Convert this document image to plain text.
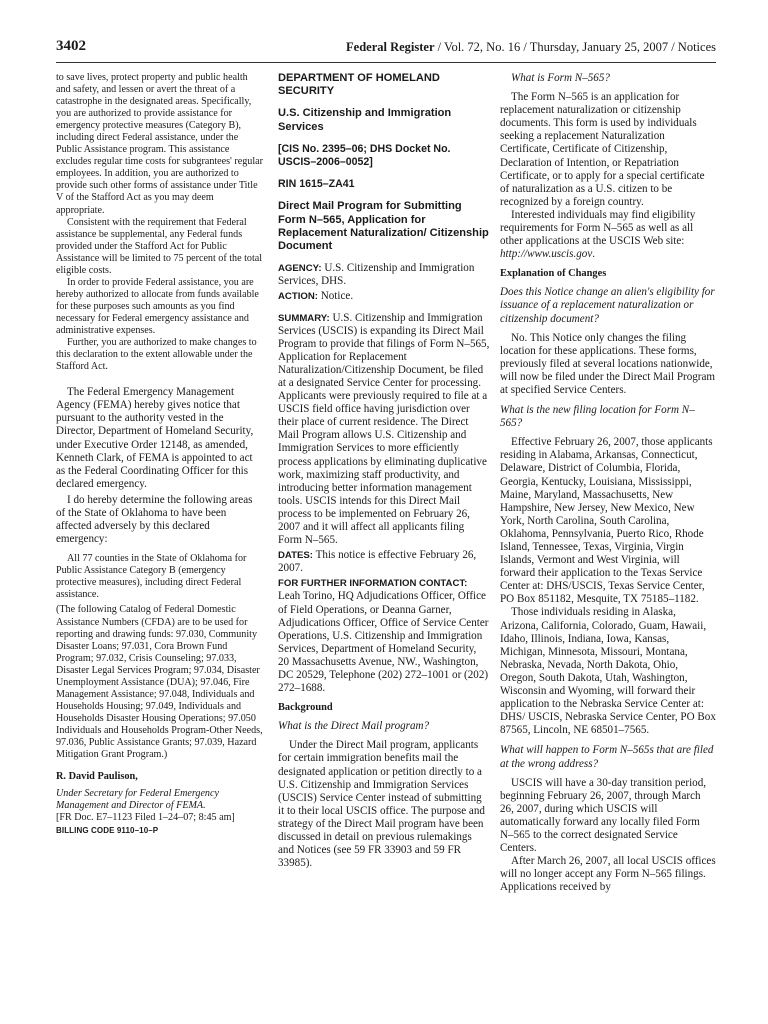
3402	Federal Register / Vol. 72, No. 16 / Thursday, January 25, 2007 / Notices

to save lives, protect property and public health and safety, and lessen or avert the threat of a catastrophe in the designated areas. Specifically, you are authorized to provide assistance for emergency protective measures (Category B), including direct Federal assistance, under the Public Assistance program. This assistance excludes regular time costs for subgrantees' regular employees. In addition, you are authorized to provide such other forms of assistance under Title V of the Stafford Act as you may deem appropriate.

Consistent with the requirement that Federal assistance be supplemental, any Federal funds provided under the Stafford Act for Public Assistance will be limited to 75 percent of the total eligible costs.

In order to provide Federal assistance, you are hereby authorized to allocate from funds available for these purposes such amounts as you find necessary for Federal emergency assistance and administrative expenses.

Further, you are authorized to make changes to this declaration to the extent allowable under the Stafford Act.

The Federal Emergency Management Agency (FEMA) hereby gives notice that pursuant to the authority vested in the Director, Department of Homeland Security, under Executive Order 12148, as amended, Kenneth Clark, of FEMA is appointed to act as the Federal Coordinating Officer for this declared emergency.

I do hereby determine the following areas of the State of Oklahoma to have been affected adversely by this declared emergency:

All 77 counties in the State of Oklahoma for Public Assistance Category B (emergency protective measures), including direct Federal assistance.

(The following Catalog of Federal Domestic Assistance Numbers (CFDA) are to be used for reporting and drawing funds: 97.030, Community Disaster Loans; 97.031, Cora Brown Fund Program; 97.032, Crisis Counseling; 97.033, Disaster Legal Services Program; 97.034, Disaster Unemployment Assistance (DUA); 97.046, Fire Management Assistance; 97.048, Individuals and Households Housing; 97.049, Individuals and Households Disaster Housing Operations; 97.050 Individuals and Households Program-Other Needs, 97.036, Public Assistance Grants; 97.039, Hazard Mitigation Grant Program.)

R. David Paulison,

Under Secretary for Federal Emergency Management and Director of FEMA.

[FR Doc. E7–1123 Filed 1–24–07; 8:45 am]

BILLING CODE 9110–10–P

DEPARTMENT OF HOMELAND SECURITY

U.S. Citizenship and Immigration Services

[CIS No. 2395–06; DHS Docket No. USCIS–2006–0052]

RIN 1615–ZA41

Direct Mail Program for Submitting Form N–565, Application for Replacement Naturalization/ Citizenship Document

AGENCY: U.S. Citizenship and Immigration Services, DHS.

ACTION: Notice.

SUMMARY: U.S. Citizenship and Immigration Services (USCIS) is expanding its Direct Mail Program to provide that filings of Form N–565, Application for Replacement Naturalization/Citizenship Document, be filed at a designated Service Center for processing. Applicants were previously required to file at a USCIS field office having jurisdiction over their place of current residence. The Direct Mail Program allows U.S. Citizenship and Immigration Services to more efficiently process applications by eliminating duplicative work, maximizing staff productivity, and introducing better information management tools. USCIS intends for this Direct Mail process to be implemented on February 26, 2007 and it will affect all applicants filing Form N–565.

DATES: This notice is effective February 26, 2007.

FOR FURTHER INFORMATION CONTACT: Leah Torino, HQ Adjudications Officer, Office of Field Operations, or Deanna Garner, Adjudications Officer, Office of Service Center Operations, U.S. Citizenship and Immigration Services, Department of Homeland Security, 20 Massachusetts Avenue, NW., Washington, DC 20529, Telephone (202) 272–1001 or (202) 272–1688.

Background

What is the Direct Mail program?

Under the Direct Mail program, applicants for certain immigration benefits mail the designated application or petition directly to a U.S. Citizenship and Immigration Services (USCIS) Service Center instead of submitting it to their local USCIS office. The purpose and strategy of the Direct Mail program have been discussed in detail on previous rulemakings and Notices (see 59 FR 33903 and 59 FR 33985).

What is Form N–565?

The Form N–565 is an application for replacement naturalization or citizenship documents. This form is used by individuals seeking a replacement Naturalization Certificate, Certificate of Citizenship, Declaration of Intention, or Repatriation Certificate, or to apply for a special certificate of naturalization as a U.S. citizen to be recognized by a foreign country.

Interested individuals may find eligibility requirements for Form N–565 as well as all other applications at the USCIS Web site: http://www.uscis.gov.

Explanation of Changes

Does this Notice change an alien's eligibility for issuance of a replacement naturalization or citizenship document?

No. This Notice only changes the filing location for these applications. These forms, previously filed at several locations nationwide, will now be filed under the Direct Mail Program at specified Service Centers.

What is the new filing location for Form N–565?

Effective February 26, 2007, those applicants residing in Alabama, Arkansas, Connecticut, Delaware, District of Columbia, Florida, Georgia, Kentucky, Louisiana, Mississippi, Maine, Maryland, Massachusetts, New Hampshire, New Jersey, New Mexico, New York, North Carolina, South Carolina, Oklahoma, Pennsylvania, Puerto Rico, Rhode Island, Tennessee, Texas, Virginia, Virgin Islands, Vermont and West Virginia, will forward their application to the Texas Service Center at: DHS/USCIS, Texas Service Center, PO Box 851182, Mesquite, TX 75185–1182.

Those individuals residing in Alaska, Arizona, California, Colorado, Guam, Hawaii, Idaho, Illinois, Indiana, Iowa, Kansas, Michigan, Minnesota, Missouri, Montana, Nebraska, Nevada, North Dakota, Ohio, Oregon, South Dakota, Utah, Washington, Wisconsin and Wyoming, will forward their application to the Nebraska Service Center at: DHS/ USCIS, Nebraska Service Center, PO Box 87565, Lincoln, NE 68501–7565.

What will happen to Form N–565s that are filed at the wrong address?

USCIS will have a 30-day transition period, beginning February 26, 2007, through March 26, 2007, during which USCIS will automatically forward any locally filed Form N–565 to the correct designated Service Centers.

After March 26, 2007, all local USCIS offices will no longer accept any Form N–565 filings. Applications received by
